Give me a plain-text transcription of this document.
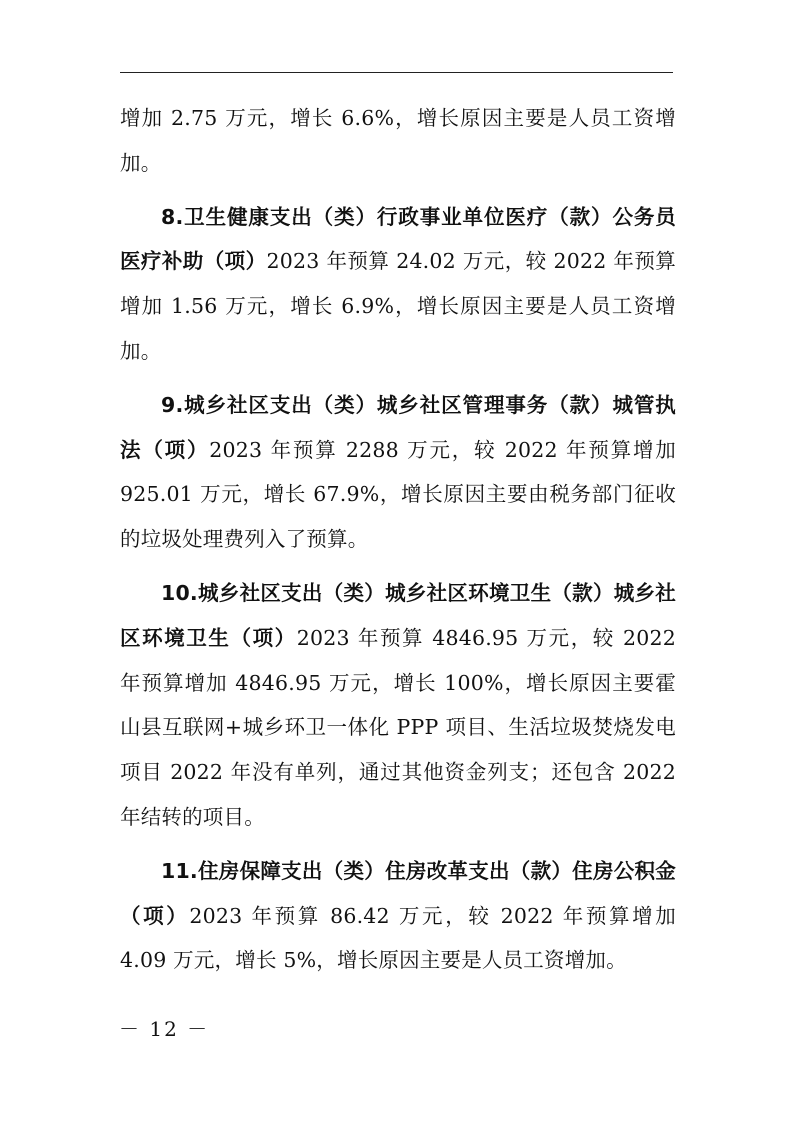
增加 2.75 万元，增长 6.6%，增长原因主要是人员工资增加。

8.卫生健康支出（类）行政事业单位医疗（款）公务员医疗补助（项）2023 年预算 24.02 万元，较 2022 年预算增加 1.56 万元，增长 6.9%，增长原因主要是人员工资增加。

9.城乡社区支出（类）城乡社区管理事务（款）城管执法（项）2023 年预算 2288 万元，较 2022 年预算增加 925.01 万元，增长 67.9%，增长原因主要由税务部门征收的垃圾处理费列入了预算。

10.城乡社区支出（类）城乡社区环境卫生（款）城乡社区环境卫生（项）2023 年预算 4846.95 万元，较 2022 年预算增加 4846.95 万元，增长 100%，增长原因主要霍山县互联网+城乡环卫一体化 PPP 项目、生活垃圾焚烧发电项目 2022 年没有单列，通过其他资金列支；还包含 2022 年结转的项目。

11.住房保障支出（类）住房改革支出（款）住房公积金（项）2023 年预算 86.42 万元，较 2022 年预算增加 4.09 万元，增长 5%，增长原因主要是人员工资增加。

－ 12 －
